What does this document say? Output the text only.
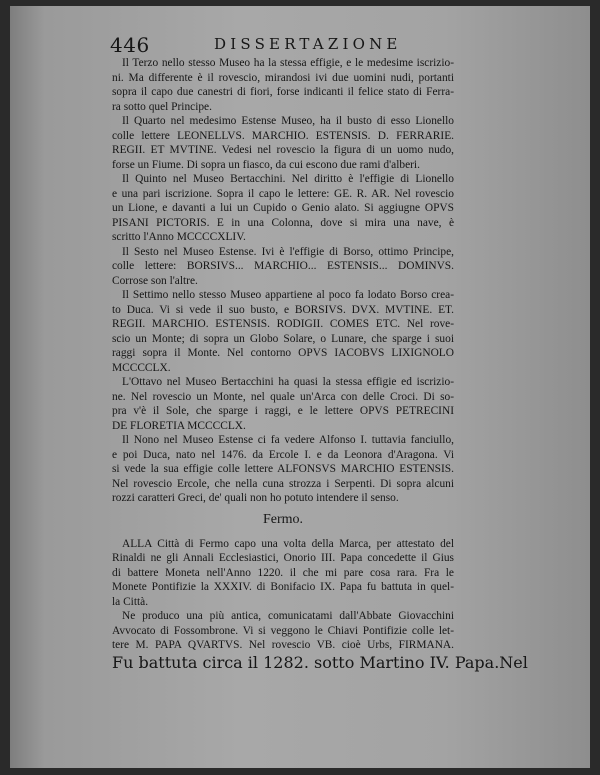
446	DISSERTAZIONE
Il Terzo nello stesso Museo ha la stessa effigie, e le medesime iscrizio-
ni. Ma differente è il rovescio, mirandosi ivi due uomini nudi, portanti
sopra il capo due canestri di fiori, forse indicanti il felice stato di Ferra-
ra sotto quel Principe.
Il Quarto nel medesimo Estense Museo, ha il busto di esso Lionello
colle lettere LEONELLVS. MARCHIO. ESTENSIS. D. FERRARIE.
REGII. ET MVTINE. Vedesi nel rovescio la figura di un uomo nudo,
forse un Fiume. Di sopra un fiasco, da cui escono due rami d'alberi.
Il Quinto nel Museo Bertacchini. Nel diritto è l'effigie di Lionello
e una pari iscrizione. Sopra il capo le lettere: GE. R. AR. Nel rovescio
un Lione, e davanti a lui un Cupido o Genio alato. Si aggiugne OPVS
PISANI PICTORIS. E in una Colonna, dove si mira una nave, è
scritto l'Anno MCCCCXLIV.
Il Sesto nel Museo Estense. Ivi è l'effigie di Borso, ottimo Principe,
colle lettere: BORSIVS... MARCHIO... ESTENSIS... DOMINVS.
Corrose son l'altre.
Il Settimo nello stesso Museo appartiene al poco fa lodato Borso crea-
to Duca. Vi si vede il suo busto, e BORSIVS. DVX. MVTINE. ET.
REGII. MARCHIO. ESTENSIS. RODIGII. COMES ETC. Nel rove-
scio un Monte; di sopra un Globo Solare, o Lunare, che sparge i suoi
raggi sopra il Monte. Nel contorno OPVS IACOBVS LIXIGNOLO
MCCCCLX.
L'Ottavo nel Museo Bertacchini ha quasi la stessa effigie ed iscrizio-
ne. Nel rovescio un Monte, nel quale un'Arca con delle Croci. Di so-
pra v'è il Sole, che sparge i raggi, e le lettere OPVS PETRECINI
DE FLORETIA MCCCCLX.
Il Nono nel Museo Estense ci fa vedere Alfonso I. tuttavia fanciullo,
e poi Duca, nato nel 1476. da Ercole I. e da Leonora d'Aragona. Vi
si vede la sua effigie colle lettere ALFONSVS MARCHIO ESTENSIS.
Nel rovescio Ercole, che nella cuna strozza i Serpenti. Di sopra alcuni
rozzi caratteri Greci, de' quali non ho potuto intendere il senso.
Fermo.
ALLA Città di Fermo capo una volta della Marca, per attestato del
Rinaldi ne gli Annali Ecclesiastici, Onorio III. Papa concedette il Gius
di battere Moneta nell'Anno 1220. il che mi pare cosa rara. Fra le
Monete Pontifizie la XXXIV. di Bonifacio IX. Papa fu battuta in quel-
la Città.
Ne produco una più antica, comunicatami dall'Abbate Giovacchini
Avvocato di Fossombrone. Vi si veggono le Chiavi Pontifizie colle let-
tere M. PAPA QVARTVS. Nel rovescio VB. cioè Urbs, FIRMANA.
Fu battuta circa il 1282. sotto Martino IV. Papa. Nel
